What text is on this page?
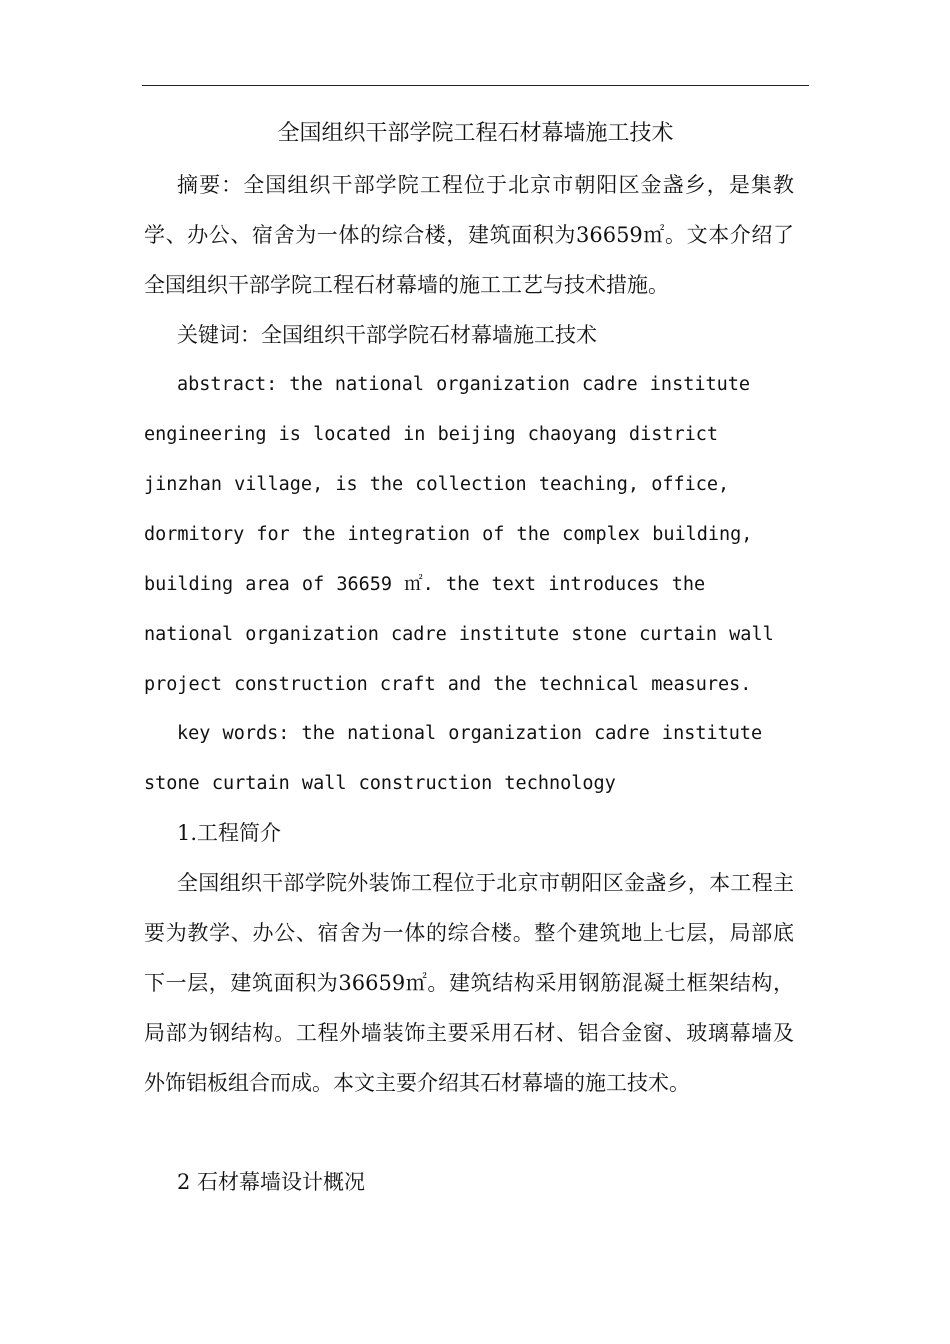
全国组织干部学院工程石材幕墙施工技术

摘要：全国组织干部学院工程位于北京市朝阳区金盏乡，是集教学、办公、宿舍为一体的综合楼，建筑面积为36659㎡。文本介绍了全国组织干部学院工程石材幕墙的施工工艺与技术措施。

关键词：全国组织干部学院石材幕墙施工技术

abstract: the national organization cadre institute engineering is located in beijing chaoyang district jinzhan village, is the collection teaching, office, dormitory for the integration of the complex building, building area of 36659 ㎡. the text introduces the national organization cadre institute stone curtain wall project construction craft and the technical measures.

key words: the national organization cadre institute stone curtain wall construction technology

1.工程简介

全国组织干部学院外装饰工程位于北京市朝阳区金盏乡，本工程主要为教学、办公、宿舍为一体的综合楼。整个建筑地上七层，局部底下一层，建筑面积为36659㎡。建筑结构采用钢筋混凝土框架结构，局部为钢结构。工程外墙装饰主要采用石材、铝合金窗、玻璃幕墙及外饰铝板组合而成。本文主要介绍其石材幕墙的施工技术。

2 石材幕墙设计概况
